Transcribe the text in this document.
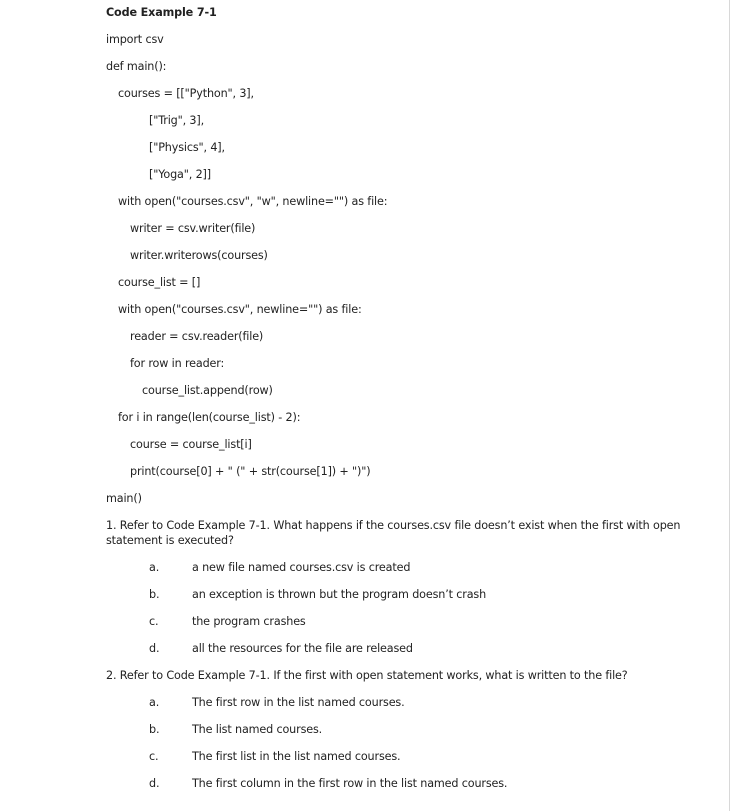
Code Example 7-1
import csv
def main():
courses = [["Python", 3],
["Trig", 3],
["Physics", 4],
["Yoga", 2]]
with open("courses.csv", "w", newline="") as file:
writer = csv.writer(file)
writer.writerows(courses)
course_list = []
with open("courses.csv", newline="") as file:
reader = csv.reader(file)
for row in reader:
course_list.append(row)
for i in range(len(course_list) - 2):
course = course_list[i]
print(course[0] + " (" + str(course[1]) + ")")
main()
1. Refer to Code Example 7-1. What happens if the courses.csv file doesn’t exist when the first with open statement is executed?
a.	a new file named courses.csv is created
b.	an exception is thrown but the program doesn’t crash
c.	the program crashes
d.	all the resources for the file are released
2. Refer to Code Example 7-1. If the first with open statement works, what is written to the file?
a.	The first row in the list named courses.
b.	The list named courses.
c.	The first list in the list named courses.
d.	The first column in the first row in the list named courses.
